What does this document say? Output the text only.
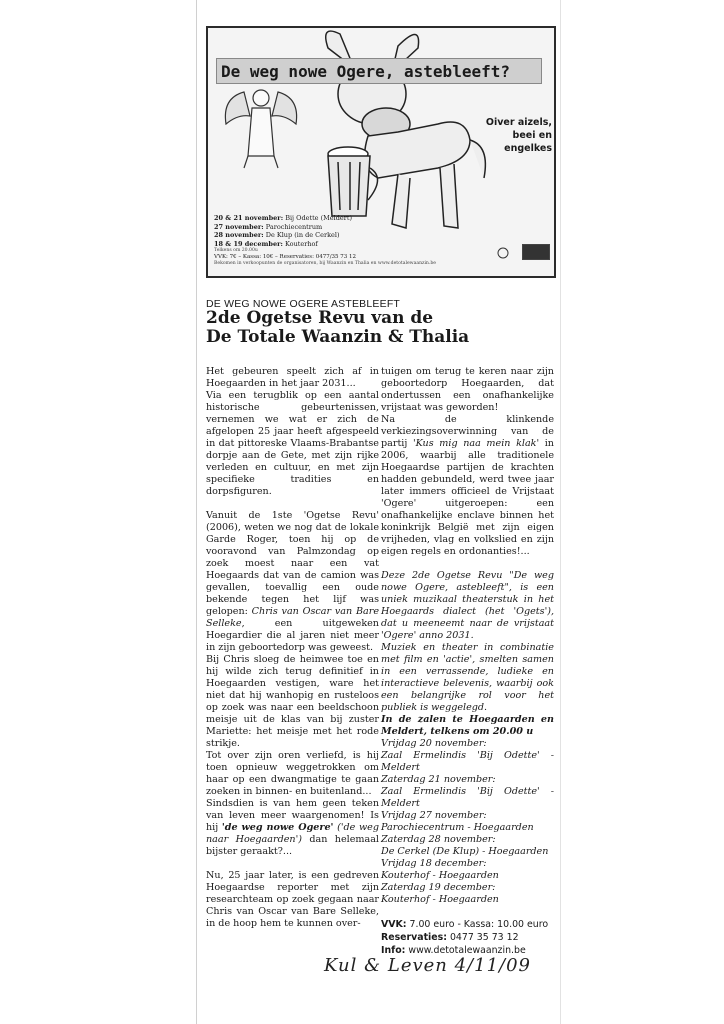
De weg nowe Ogere, astebleeft?
Oiver aizels,
beei en
engelkes
20 & 21 november: Bij Odette (Meldert)
27 november: Parochiecentrum
28 november: De Klup (in de Cerkel)
18 & 19 december: Kouterhof
Telkens om 20.00u
VVK: 7€ – Kassa: 10€ – Reservaties: 0477/35 73 12
Bekomen in verkoopunten de organisatoren, bij Waanzin en Thalia en www.detotalewaanzin.be
DE WEG NOWE OGERE ASTEBLEEFT
2de Ogetse Revu van de
De Totale Waanzin & Thalia

Het gebeuren speelt zich af in Hoegaarden in het jaar 2031...

Via een terugblik op een aantal historische gebeurtenissen, vernemen we wat er zich de afgelopen 25 jaar heeft afgespeeld in dat pittoreske Vlaams-Brabantse dorpje aan de Gete, met zijn rijke verleden en cultuur, en met zijn specifieke tradities en dorpsfiguren.

Vanuit de 1ste 'Ogetse Revu' (2006), weten we nog dat de lokale Garde Roger, toen hij op de vooravond van Palmzondag op zoek moest naar een vat Hoegaards dat van de camion was gevallen, toevallig een oude bekende tegen het lijf was gelopen: Chris van Oscar van Bare Selleke, een uitgeweken Hoegardier die al jaren niet meer in zijn geboortedorp was geweest.

Bij Chris sloeg de heimwee toe en hij wilde zich terug definitief in Hoegaarden vestigen, ware het niet dat hij wanhopig en rusteloos op zoek was naar een beeldschoon meisje uit de klas van bij zuster Mariette: het meisje met het rode strikje.

Tot over zijn oren verliefd, is hij toen opnieuw weggetrokken om haar op een dwangmatige te gaan zoeken in binnen- en buitenland...

Sindsdien is van hem geen teken van leven meer waargenomen! Is hij 'de weg nowe Ogere' ('de weg naar Hoegaarden') dan helemaal bijster geraakt?...

Nu, 25 jaar later, is een gedreven Hoegaardse reporter met zijn researchteam op zoek gegaan naar Chris van Oscar van Bare Selleke, in de hoop hem te kunnen over-

tuigen om terug te keren naar zijn geboortedorp Hoegaarden, dat ondertussen een onafhankelijke vrijstaat was geworden!

Na de klinkende verkiezingsoverwinning van de partij 'Kus mig naa mein klak' in 2006, waarbij alle traditionele Hoegaardse partijen de krachten hadden gebundeld, werd twee jaar later immers officieel de Vrijstaat 'Ogere' uitgeroepen: een onafhankelijke enclave binnen het koninkrijk België met zijn eigen vrijheden, vlag en volkslied en zijn eigen regels en ordonanties!...

Deze 2de Ogetse Revu "De weg nowe Ogere, astebleeft", is een uniek muzikaal theaterstuk in het Hoegaards dialect (het 'Ogets'), dat u meeneemt naar de vrijstaat 'Ogere' anno 2031.

Muziek en theater in combinatie met film en 'actie', smelten samen in een verrassende, ludieke en interactieve belevenis, waarbij ook een belangrijke rol voor het publiek is weggelegd.

In de zalen te Hoegaarden en Meldert, telkens om 20.00 u

Vrijdag 20 november:
Zaal Ermelindis 'Bij Odette' - Meldert
Zaterdag 21 november:
Zaal Ermelindis 'Bij Odette' - Meldert
Vrijdag 27 november:
Parochiecentrum - Hoegaarden
Zaterdag 28 november:
De Cerkel (De Klup) - Hoegaarden
Vrijdag 18 december:
Kouterhof - Hoegaarden
Zaterdag 19 december:
Kouterhof - Hoegaarden
VVK: 7.00 euro - Kassa: 10.00 euro
Reservaties: 0477 35 73 12
Info: www.detotalewaanzin.be
Kul & Leven 4/11/09
